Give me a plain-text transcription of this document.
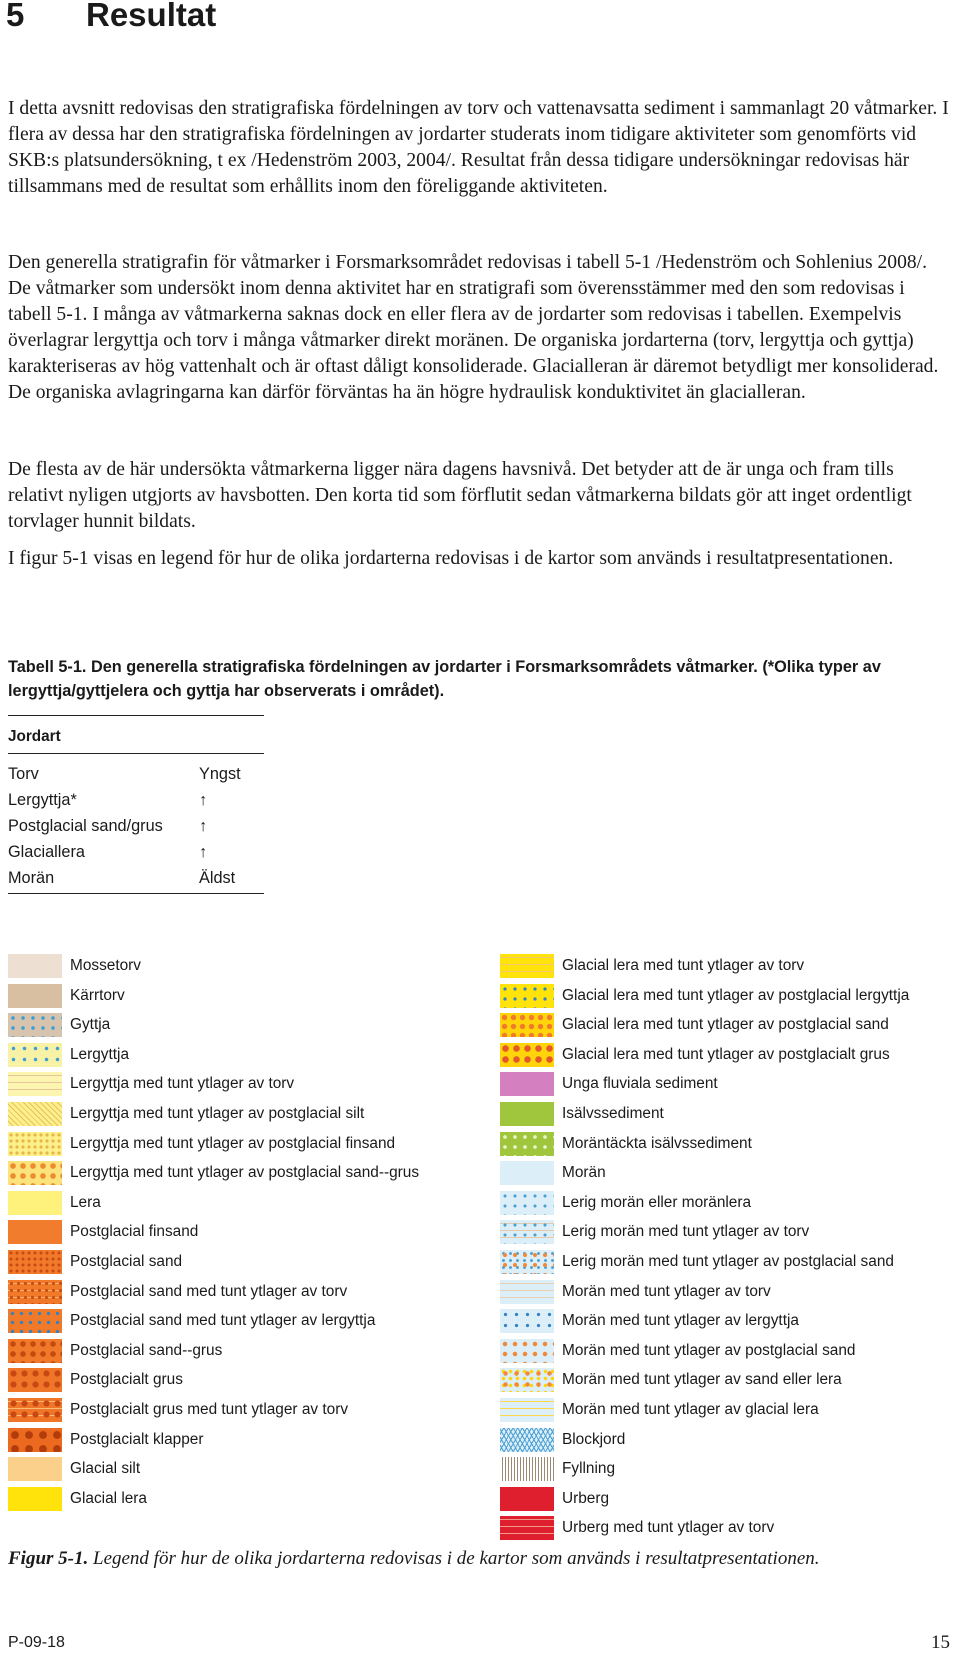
5 Resultat

I detta avsnitt redovisas den stratigrafiska fördelningen av torv och vattenavsatta sediment i sammanlagt 20 våtmarker. I flera av dessa har den stratigrafiska fördelningen av jordarter studerats inom tidigare aktiviteter som genomförts vid SKB:s platsundersökning, t ex /Hedenström 2003, 2004/. Resultat från dessa tidigare undersökningar redovisas här tillsammans med de resultat som erhållits inom den föreliggande aktiviteten.

Den generella stratigrafin för våtmarker i Forsmarksområdet redovisas i tabell 5-1 /Hedenström och Sohlenius 2008/. De våtmarker som undersökt inom denna aktivitet har en stratigrafi som överensstämmer med den som redovisas i tabell 5-1. I många av våtmarkerna saknas dock en eller flera av de jordarter som redovisas i tabellen. Exempelvis överlagrar lergyttja och torv i många våtmarker direkt moränen. De organiska jordarterna (torv, lergyttja och gyttja) karakteriseras av hög vattenhalt och är oftast dåligt konsoliderade. Glacialleran är däremot betydligt mer konsoliderad. De organiska avlagringarna kan därför förväntas ha än högre hydraulisk konduktivitet än glacialleran.

De flesta av de här undersökta våtmarkerna ligger nära dagens havsnivå. Det betyder att de är unga och fram tills relativt nyligen utgjorts av havsbotten. Den korta tid som förflutit sedan våtmarkerna bildats gör att inget ordentligt torvlager hunnit bildats.

I figur 5-1 visas en legend för hur de olika jordarterna redovisas i de kartor som används i resultatpresentationen.

Tabell 5-1. Den generella stratigrafiska fördelningen av jordarter i Forsmarksområdets våtmarker. (*Olika typer av lergyttja/gyttjelera och gyttja har observerats i området).

Jordart
Torv	Yngst
Lergyttja*	↑
Postglacial sand/grus ↑
Glaciallera	↑
Morän	Äldst
Mossetorv
Kärrtorv
Gyttja
Lergyttja
Lergyttja med tunt ytlager av torv
Lergyttja med tunt ytlager av postglacial silt
Lergyttja med tunt ytlager av postglacial finsand
Lergyttja med tunt ytlager av postglacial sand--grus
Lera
Postglacial finsand
Postglacial sand
Postglacial sand med tunt ytlager av torv
Postglacial sand med tunt ytlager av lergyttja
Postglacial sand--grus
Postglacialt grus
Postglacialt grus med tunt ytlager av torv
Postglacialt klapper
Glacial silt
Glacial lera
Glacial lera med tunt ytlager av torv
Glacial lera med tunt ytlager av postglacial lergyttja
Glacial lera med tunt ytlager av postglacial sand
Glacial lera med tunt ytlager av postglacialt grus
Unga fluviala sediment
Isälvssediment
Moräntäckta isälvssediment
Morän
Lerig morän eller moränlera
Lerig morän med tunt ytlager av torv
Lerig morän med tunt ytlager av postglacial sand
Morän med tunt ytlager av torv
Morän med tunt ytlager av lergyttja
Morän med tunt ytlager av postglacial sand
Morän med tunt ytlager av sand eller lera
Morän med tunt ytlager av glacial lera
Blockjord
Fyllning
Urberg
Urberg med tunt ytlager av torv

Figur 5-1. Legend för hur de olika jordarterna redovisas i de kartor som används i resultatpresentationen.

P-09-18	15
